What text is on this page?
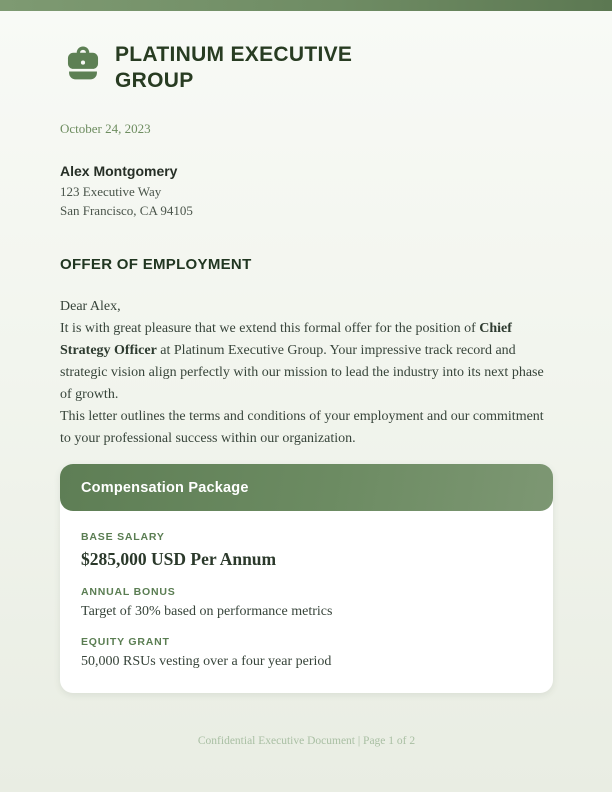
PLATINUM EXECUTIVE GROUP
October 24, 2023
Alex Montgomery
123 Executive Way
San Francisco, CA 94105
OFFER OF EMPLOYMENT

Dear Alex,

It is with great pleasure that we extend this formal offer for the position of Chief Strategy Officer at Platinum Executive Group. Your impressive track record and strategic vision align perfectly with our mission to lead the industry into its next phase of growth.

This letter outlines the terms and conditions of your employment and our commitment to your professional success within our organization.

Compensation Package
BASE SALARY
$285,000 USD Per Annum
ANNUAL BONUS
Target of 30% based on performance metrics
EQUITY GRANT
50,000 RSUs vesting over a four year period
Confidential Executive Document | Page 1 of 2
